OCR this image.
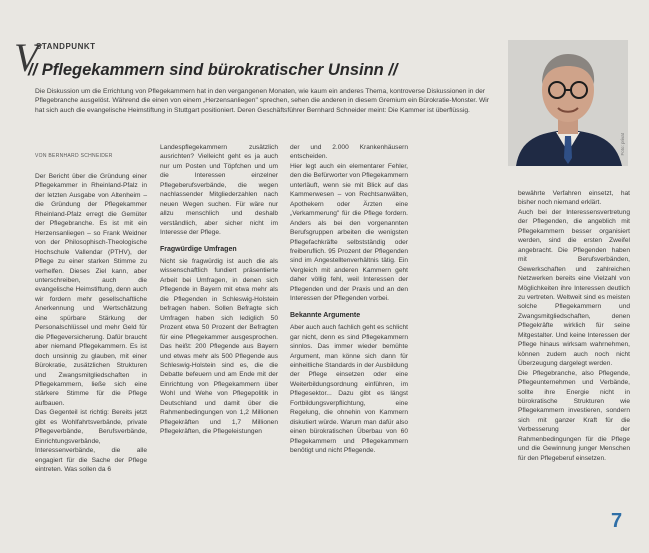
V
STANDPUNKT
// Pflegekammern sind bürokratischer Unsinn //
Die Diskussion um die Errichtung von Pflegekammern hat in den vergangenen Monaten, wie kaum ein anderes Thema, kontroverse Diskussionen in der Pflegebranche ausgelöst. Während die einen von einem „Herzensanliegen" sprechen, sehen die anderen in diesem Gremium ein Bürokratie-Monster. Wir hat sich auch die evangelische Heimstiftung in Stuttgart positioniert. Deren Geschäftsführer Bernhard Schneider meint: Die Kammer ist überflüssig.
Foto: privat
VON BERNHARD SCHNEIDER

Der Bericht über die Gründung einer Pflegekammer in Rheinland-Pfalz in der letzten Ausgabe von Altenheim – die Gründung der Pflegekammer Rheinland-Pfalz erregt die Gemüter der Pflegebranche. Es ist mit ein Herzensanliegen – so Frank Weidner von der Philosophisch-Theologische Hochschule Vallendar (PTHV), der Pflege zu einer starken Stimme zu verhelfen. Dieses Ziel kann, aber unterschreiben, auch die evangelische Heimstiftung, denn auch wir fordern mehr gesellschaftliche Anerkennung und Wertschätzung eine spürbare Stärkung der Personalschlüssel und mehr Geld für die Pflegeversicherung. Dafür braucht aber niemand Pflegekammern. Es ist doch unsinnig zu glauben, mit einer Bürokratie, zusätzlichen Strukturen und Zwangsmitgliedschaften in Pflegekammern, ließe sich eine stärkere Stimme für die Pflege aufbauen.

Das Gegenteil ist richtig: Bereits jetzt gibt es Wohlfahrtsverbände, private Pflegeverbände, Berufsverbände, Einrichtungsverbände, Interessenverbände, die alle engagiert für die Sache der Pflege eintreten. Was sollen da 6

Landespflegekammern zusätzlich ausrichten? Vielleicht geht es ja auch nur um Posten und Töpfchen und um die Interessen einzelner Pflegeberufsverbände, die wegen nachlassender Mitgliederzahlen nach neuen Wegen suchen. Für wäre nur allzu menschlich und deshalb verständlich, aber sicher nicht im Interesse der Pflege.

Fragwürdige Umfragen

Nicht sie fragwürdig ist auch die als wissenschaftlich fundiert präsentierte Arbeit bei Umfragen, in denen sich Pflegende in Bayern mit etwa mehr als die Pflegenden in Schleswig-Holstein befragen haben. Sollen Befragte sich Umfragen haben sich lediglich 50 Prozent etwa 50 Prozent der Befragten für eine Pflegekammer ausgesprochen. Das heißt: 200 Pflegende aus Bayern und etwas mehr als 500 Pflegende aus Schleswig-Holstein sind es, die die Debatte befeuern und am Ende mit der Einrichtung von Pflegekammern über Wohl und Wehe von Pflegepolitik in Deutschland und damit über die Rahmenbedingungen von 1,2 Millionen Pflegekräften und 1,7 Millionen Pflegekräften, die Pflegeleistungen

der und 2.000 Krankenhäusern entscheiden.

Hier legt auch ein elementarer Fehler, den die Befürworter von Pflegekammern unterläuft, wenn sie mit Blick auf das Kammerwesen – von Rechtsanwälten, Apothekern oder Ärzten eine „Verkammerung" für die Pflege fordern. Anders als bei den vorgenannten Berufsgruppen arbeiten die wenigsten Pflegefachkräfte selbstständig oder freiberuflich. 95 Prozent der Pflegenden sind im Angestelltenverhältnis tätig. Ein Vergleich mit anderen Kammern geht daher völlig fehl, weil Interessen der Pflegenden und der Praxis und an den Interessen der Pflegenden vorbei.

Bekannte Argumente

Aber auch auch fachlich geht es schlicht gar nicht, denn es sind Pflegekammern sinnlos. Das immer wieder bemühte Argument, man könne sich dann für einheitliche Standards in der Ausbildung der Pflege einsetzen oder eine Weiterbildungsordnung einführen, im Pflegesektor... Dazu gibt es längst Fortbildungsverpflichtung, eine Regelung, die ohnehin von Kammern diskutiert würde. Warum man dafür also einen bürokratischen Überbau von 60 Pflegekammern und Pflegekammern benötigt und nicht Pflegende.

bewährte Verfahren einsetzt, hat bisher noch niemand erklärt.

Auch bei der Interessensvertretung der Pflegenden, die angeblich mit Pflegekammern besser organisiert werden, sind die ersten Zweifel angebracht. Die Pflegenden haben mit Berufsverbänden, Gewerkschaften und zahlreichen Netzwerken bereits eine Vielzahl von Möglichkeiten ihre Interessen deutlich zu vertreten. Weltweit sind es meisten solche Pflegekammern und Zwangsmitgliedschaften, denen Pflegekräfte wirklich für seine Mitgestalter. Und keine Interessen der Pflege hinaus wirksam wahrnehmen, können zudem auch noch nicht Überzeugung dargelegt werden.

Die Pflegebranche, also Pflegende, Pflegeunternehmen und Verbände, sollte ihre Energie nicht in bürokratische Strukturen wie Pflegekammern investieren, sondern sich mit ganzer Kraft für die Verbesserung der Rahmenbedingungen für die Pflege und die Gewinnung junger Menschen für den Pflegeberuf einsetzen.

7
